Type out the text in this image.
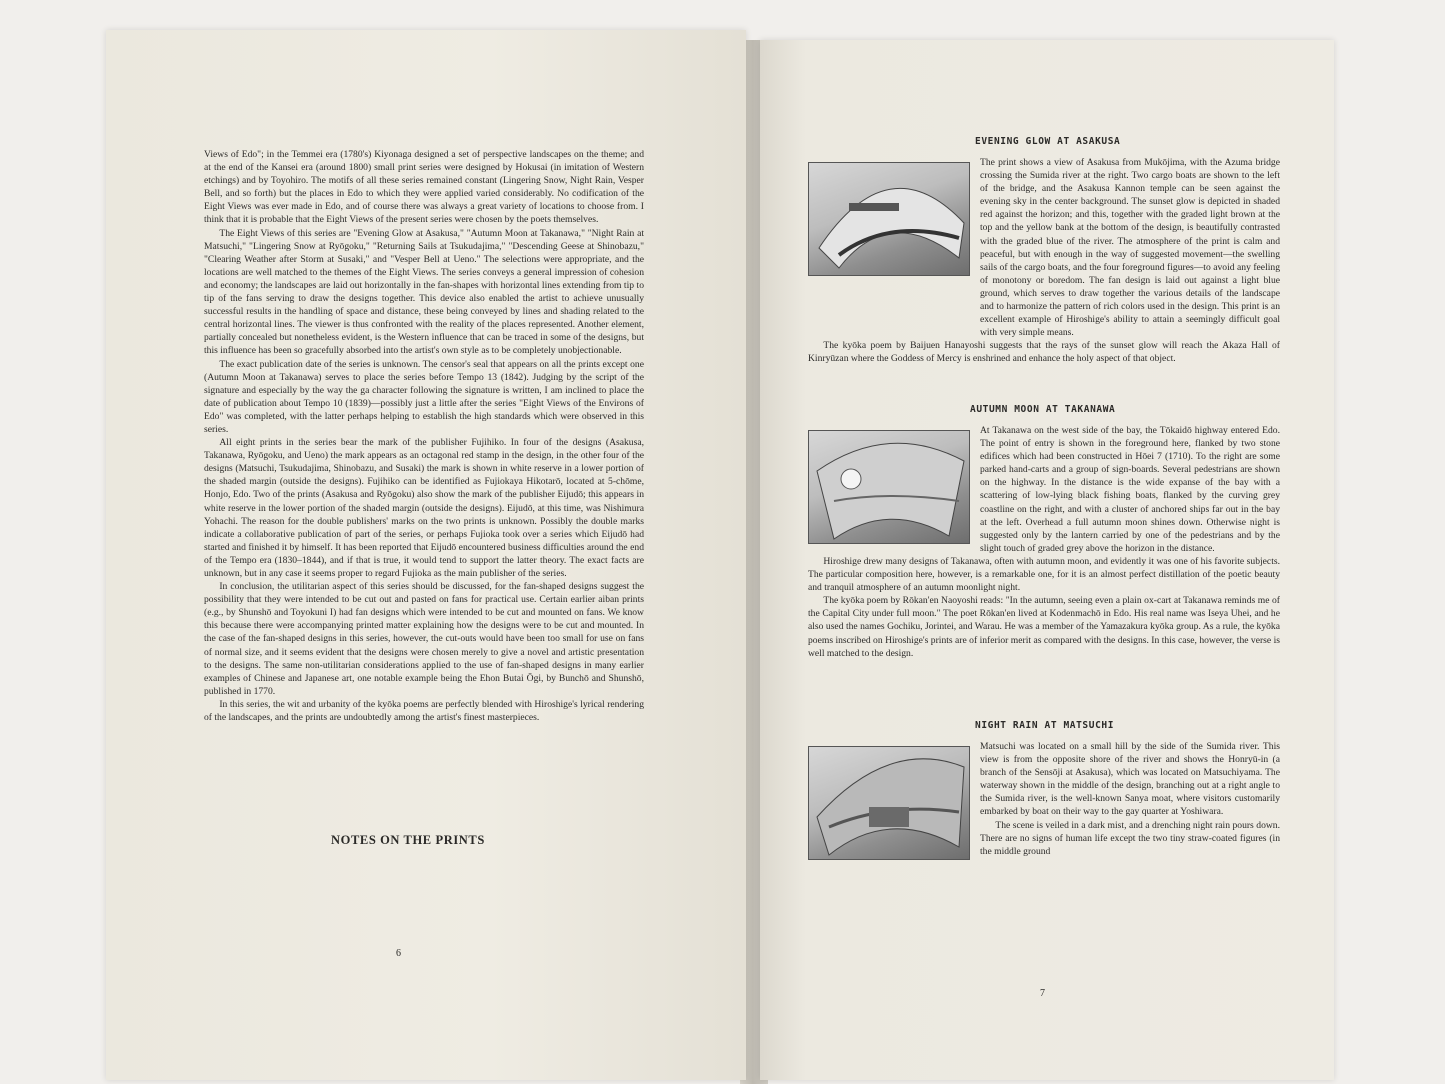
Views of Edo"; in the Temmei era (1780's) Kiyonaga designed a set of perspective landscapes on the theme; and at the end of the Kansei era (around 1800) small print series were designed by Hokusai (in imitation of Western etchings) and by Toyohiro. The motifs of all these series remained constant (Lingering Snow, Night Rain, Vesper Bell, and so forth) but the places in Edo to which they were applied varied considerably. No codification of the Eight Views was ever made in Edo, and of course there was always a great variety of locations to choose from. I think that it is probable that the Eight Views of the present series were chosen by the poets themselves.

The Eight Views of this series are "Evening Glow at Asakusa," "Autumn Moon at Takanawa," "Night Rain at Matsuchi," "Lingering Snow at Ryōgoku," "Returning Sails at Tsukudajima," "Descending Geese at Shinobazu," "Clearing Weather after Storm at Susaki," and "Vesper Bell at Ueno." The selections were appropriate, and the locations are well matched to the themes of the Eight Views. The series conveys a general impression of cohesion and economy; the landscapes are laid out horizontally in the fan-shapes with horizontal lines extending from tip to tip of the fans serving to draw the designs together. This device also enabled the artist to achieve unusually successful results in the handling of space and distance, these being conveyed by lines and shading related to the central horizontal lines. The viewer is thus confronted with the reality of the places represented. Another element, partially concealed but nonetheless evident, is the Western influence that can be traced in some of the designs, but this influence has been so gracefully absorbed into the artist's own style as to be completely unobjectionable.

The exact publication date of the series is unknown. The censor's seal that appears on all the prints except one (Autumn Moon at Takanawa) serves to place the series before Tempo 13 (1842). Judging by the script of the signature and especially by the way the ga character following the signature is written, I am inclined to place the date of publication about Tempo 10 (1839)—possibly just a little after the series "Eight Views of the Environs of Edo" was completed, with the latter perhaps helping to establish the high standards which were observed in this series.

All eight prints in the series bear the mark of the publisher Fujihiko. In four of the designs (Asakusa, Takanawa, Ryōgoku, and Ueno) the mark appears as an octagonal red stamp in the design, in the other four of the designs (Matsuchi, Tsukudajima, Shinobazu, and Susaki) the mark is shown in white reserve in a lower portion of the shaded margin (outside the designs). Fujihiko can be identified as Fujiokaya Hikotarō, located at 5-chōme, Honjo, Edo. Two of the prints (Asakusa and Ryōgoku) also show the mark of the publisher Eijudō; this appears in white reserve in the lower portion of the shaded margin (outside the designs). Eijudō, at this time, was Nishimura Yohachi. The reason for the double publishers' marks on the two prints is unknown. Possibly the double marks indicate a collaborative publication of part of the series, or perhaps Fujioka took over a series which Eijudō had started and finished it by himself. It has been reported that Eijudō encountered business difficulties around the end of the Tempo era (1830–1844), and if that is true, it would tend to support the latter theory. The exact facts are unknown, but in any case it seems proper to regard Fujioka as the main publisher of the series.

In conclusion, the utilitarian aspect of this series should be discussed, for the fan-shaped designs suggest the possibility that they were intended to be cut out and pasted on fans for practical use. Certain earlier aiban prints (e.g., by Shunshō and Toyokuni I) had fan designs which were intended to be cut and mounted on fans. We know this because there were accompanying printed matter explaining how the designs were to be cut and mounted. In the case of the fan-shaped designs in this series, however, the cut-outs would have been too small for use on fans of normal size, and it seems evident that the designs were chosen merely to give a novel and artistic presentation to the designs. The same non-utilitarian considerations applied to the use of fan-shaped designs in many earlier examples of Chinese and Japanese art, one notable example being the Ehon Butai Ōgi, by Bunchō and Shunshō, published in 1770.

In this series, the wit and urbanity of the kyōka poems are perfectly blended with Hiroshige's lyrical rendering of the landscapes, and the prints are undoubtedly among the artist's finest masterpieces.

NOTES ON THE PRINTS
6
EVENING GLOW AT ASAKUSA

The print shows a view of Asakusa from Mukōjima, with the Azuma bridge crossing the Sumida river at the right. Two cargo boats are shown to the left of the bridge, and the Asakusa Kannon temple can be seen against the evening sky in the center background. The sunset glow is depicted in shaded red against the horizon; and this, together with the graded light brown at the top and the yellow bank at the bottom of the design, is beautifully contrasted with the graded blue of the river. The atmosphere of the print is calm and peaceful, but with enough in the way of suggested movement—the swelling sails of the cargo boats, and the four foreground figures—to avoid any feeling of monotony or boredom. The fan design is laid out against a light blue ground, which serves to draw together the various details of the landscape and to harmonize the pattern of rich colors used in the design. This print is an excellent example of Hiroshige's ability to attain a seemingly difficult goal with very simple means.

The kyōka poem by Baijuen Hanayoshi suggests that the rays of the sunset glow will reach the Akaza Hall of Kinryūzan where the Goddess of Mercy is enshrined and enhance the holy aspect of that object.

AUTUMN MOON AT TAKANAWA

At Takanawa on the west side of the bay, the Tōkaidō highway entered Edo. The point of entry is shown in the foreground here, flanked by two stone edifices which had been constructed in Hōei 7 (1710). To the right are some parked hand-carts and a group of sign-boards. Several pedestrians are shown on the highway. In the distance is the wide expanse of the bay with a scattering of low-lying black fishing boats, flanked by the curving grey coastline on the right, and with a cluster of anchored ships far out in the bay at the left. Overhead a full autumn moon shines down. Otherwise night is suggested only by the lantern carried by one of the pedestrians and by the slight touch of graded grey above the horizon in the distance.

Hiroshige drew many designs of Takanawa, often with autumn moon, and evidently it was one of his favorite subjects. The particular composition here, however, is a remarkable one, for it is an almost perfect distillation of the poetic beauty and tranquil atmosphere of an autumn moonlight night.

The kyōka poem by Rōkan'en Naoyoshi reads: "In the autumn, seeing even a plain ox-cart at Takanawa reminds me of the Capital City under full moon." The poet Rōkan'en lived at Kodenmachō in Edo. His real name was Iseya Uhei, and he also used the names Gochiku, Jorintei, and Warau. He was a member of the Yamazakura kyōka group. As a rule, the kyōka poems inscribed on Hiroshige's prints are of inferior merit as compared with the designs. In this case, however, the verse is well matched to the design.

NIGHT RAIN AT MATSUCHI

Matsuchi was located on a small hill by the side of the Sumida river. This view is from the opposite shore of the river and shows the Honryū-in (a branch of the Sensōji at Asakusa), which was located on Matsuchiyama. The waterway shown in the middle of the design, branching out at a right angle to the Sumida river, is the well-known Sanya moat, where visitors customarily embarked by boat on their way to the gay quarter at Yoshiwara.

The scene is veiled in a dark mist, and a drenching night rain pours down. There are no signs of human life except the two tiny straw-coated figures (in the middle ground

7
